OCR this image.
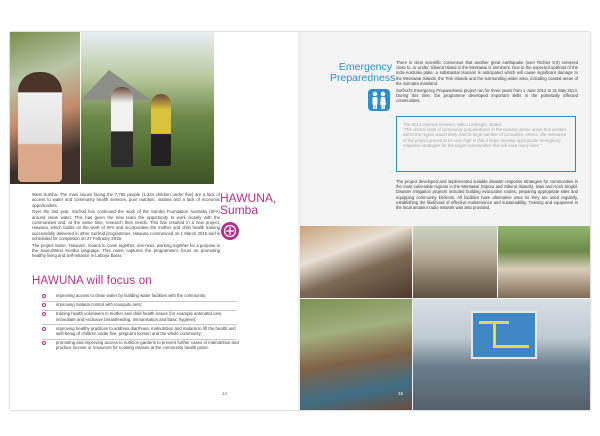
West Sumba. The main issues facing the 7,765 people (1,334 children under five) are a lack of access to water and community health services, poor nutrition, malaria and a lack of economic opportunities.

Over the last year, SurfAid has continued the work of the Sumba Foundation Australia (SFA) around clean water. This has given the new team the opportunity to work closely with the communities and, at the same time, research their needs. This has resulted in a new project, Hawuna, which builds on the work of SFA and incorporates the mother and child health training successfully delivered in other SurfAid programmes. Hawuna commenced on 1 March 2015 and is scheduled for completion on 27 February 2018.

The project name, 'Hawuna', means to come together, one-ness, working together for a purpose in the Sauru/West Sumba language. This name captures the programme's focus on promoting healthy living and self-reliance in Laboya Barat.

HAWUNA,
Sumba
HAWUNA will focus on
improving access to clean water by building water facilities with the community;
improving malaria control with mosquito nets;
training health volunteers in mother and child health issues (for example antenatal care, immediate and exclusive breastfeeding, immunisation and basic hygiene);
improving healthy practices to address diarrhoea, malnutrition and malaria to lift the health and well-being of children under five, pregnant women and the whole community;
promoting and improving access to nutrition gardens to prevent further cases of malnutrition and produce income or resources for cooking classes at the community health posts.
14
Emergency
Preparedness

There is clear scientific consensus that another great earthquake (over Richter 8.0) centered close to, or under, Siberut Island in the Mentawai is imminent. Due to the expected upthrust of the Indo-Australia plate, a substantial tsunami is anticipated which will cause significant damage to the Mentawai Islands, the Telo Islands and the surrounding wider area, including coastal areas of the Sumatra mainland.

SurfAid's Emergency Preparedness project ran for three years from 1 June 2012 to 31 May 2014. During this time, the programme developed important skills in the potentially affected communities.

The 2014 external reviewer, Wilco Liebregts, stated:
"The dismal state of community preparedness in the tsunami-prone areas that existed within the region would likely lead to large number of casualties. Hence, the relevance of the project proved to be very high in that it helps develop appropriate emergency response strategies for the target communities that will save many lives."
The project developed and implemented suitable disaster response strategies for communities in the most vulnerable regions in the Mentawai (Sipora and Siberut islands), Nias and Aceh Singkil. Disaster mitigation projects included building evacuation routes, preparing appropriate sites and equipping community kitchens. All facilities have alternative uses so they are used regularly, establishing the likelihood of effective maintenance and sustainability. Training and equipment in the local amateur radio network was also provided.
15
